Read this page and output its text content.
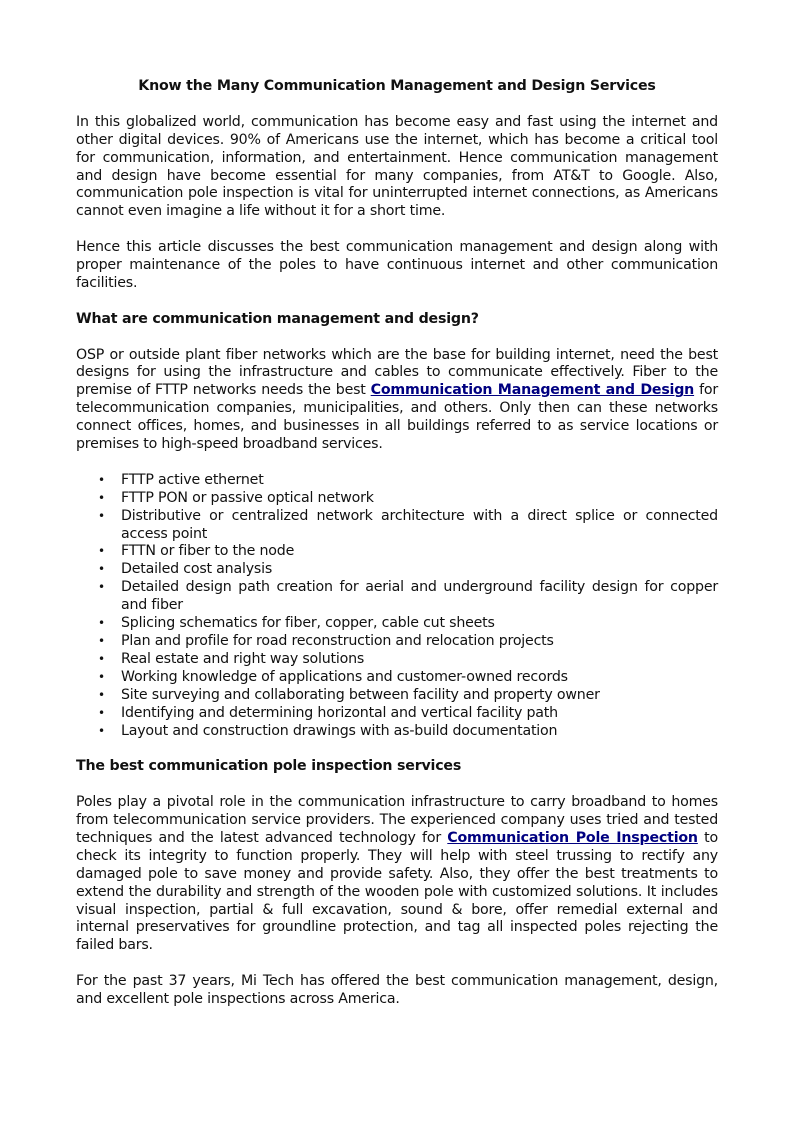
Know the Many Communication Management and Design Services

In this globalized world, communication has become easy and fast using the internet and other digital devices. 90% of Americans use the internet, which has become a critical tool for communication, information, and entertainment. Hence communication management and design have become essential for many companies, from AT&T to Google. Also, communication pole inspection is vital for uninterrupted internet connections, as Americans cannot even imagine a life without it for a short time.

Hence this article discusses the best communication management and design along with proper maintenance of the poles to have continuous internet and other communication facilities.

What are communication management and design?

OSP or outside plant fiber networks which are the base for building internet, need the best designs for using the infrastructure and cables to communicate effectively. Fiber to the premise of FTTP networks needs the best Communication Management and Design for telecommunication companies, municipalities, and others. Only then can these networks connect offices, homes, and businesses in all buildings referred to as service locations or premises to high-speed broadband services.

• FTTP active ethernet
• FTTP PON or passive optical network
• Distributive or centralized network architecture with a direct splice or connected access point
• FTTN or fiber to the node
• Detailed cost analysis
• Detailed design path creation for aerial and underground facility design for copper and fiber
• Splicing schematics for fiber, copper, cable cut sheets
• Plan and profile for road reconstruction and relocation projects
• Real estate and right way solutions
• Working knowledge of applications and customer-owned records
• Site surveying and collaborating between facility and property owner
• Identifying and determining horizontal and vertical facility path
• Layout and construction drawings with as-build documentation
The best communication pole inspection services

Poles play a pivotal role in the communication infrastructure to carry broadband to homes from telecommunication service providers. The experienced company uses tried and tested techniques and the latest advanced technology for Communication Pole Inspection to check its integrity to function properly. They will help with steel trussing to rectify any damaged pole to save money and provide safety. Also, they offer the best treatments to extend the durability and strength of the wooden pole with customized solutions. It includes visual inspection, partial & full excavation, sound & bore, offer remedial external and internal preservatives for groundline protection, and tag all inspected poles rejecting the failed bars.

For the past 37 years, Mi Tech has offered the best communication management, design, and excellent pole inspections across America.
